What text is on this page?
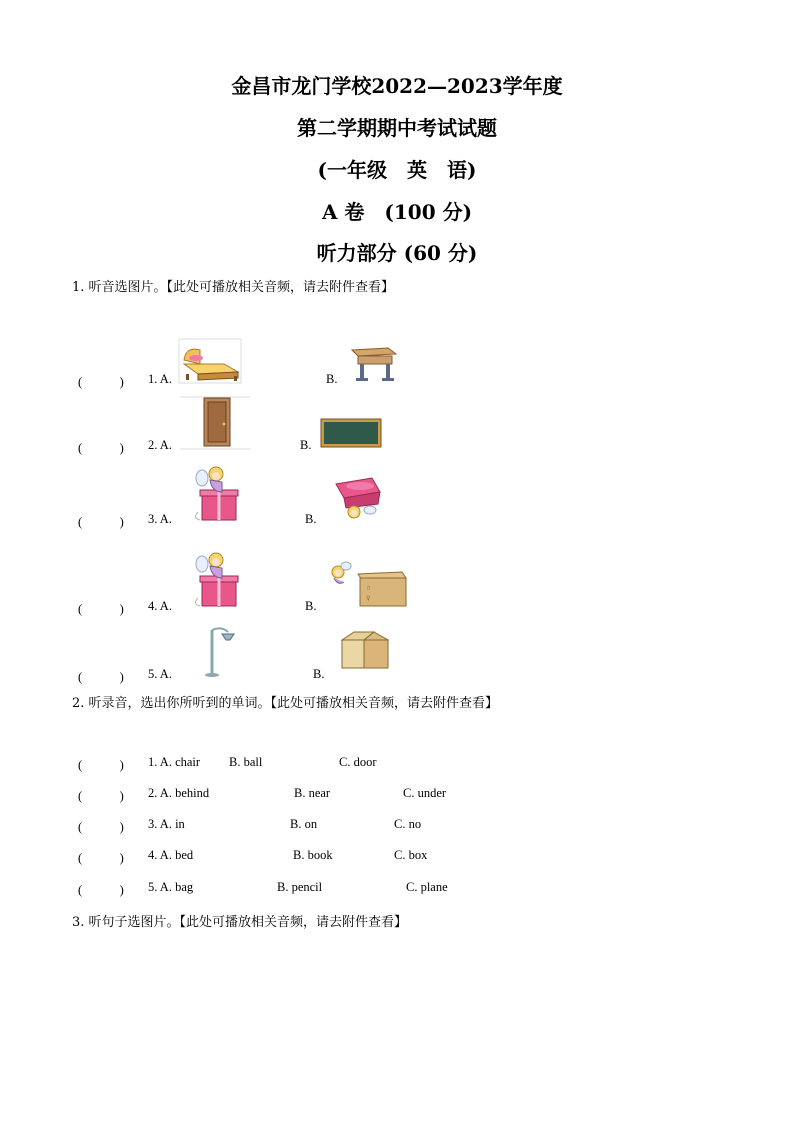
金昌市龙门学校2022—2023学年度
第二学期期中考试试题
(一年级　英　语)
A 卷　(100 分)
听力部分 (60 分)
1. 听音选图片。【此处可播放相关音频，请去附件查看】
(　　　) 1. A.	B.
(　　　) 2. A.	B.
(　　　) 3. A.	B.
(　　　) 4. A.	B.
⇧
♀
(　　　) 5. A.	B.
2. 听录音，选出你所听到的单词。【此处可播放相关音频，请去附件查看】
(　　　) 1. A. chair B. ball	C. door
(　　　) 2. A. behind	B. near	C. under
(　　　) 3. A. in	B. on	C. no
(　　　) 4. A. bed	B. book	C. box
(　　　) 5. A. bag	B. pencil	C. plane
3. 听句子选图片。【此处可播放相关音频，请去附件查看】
